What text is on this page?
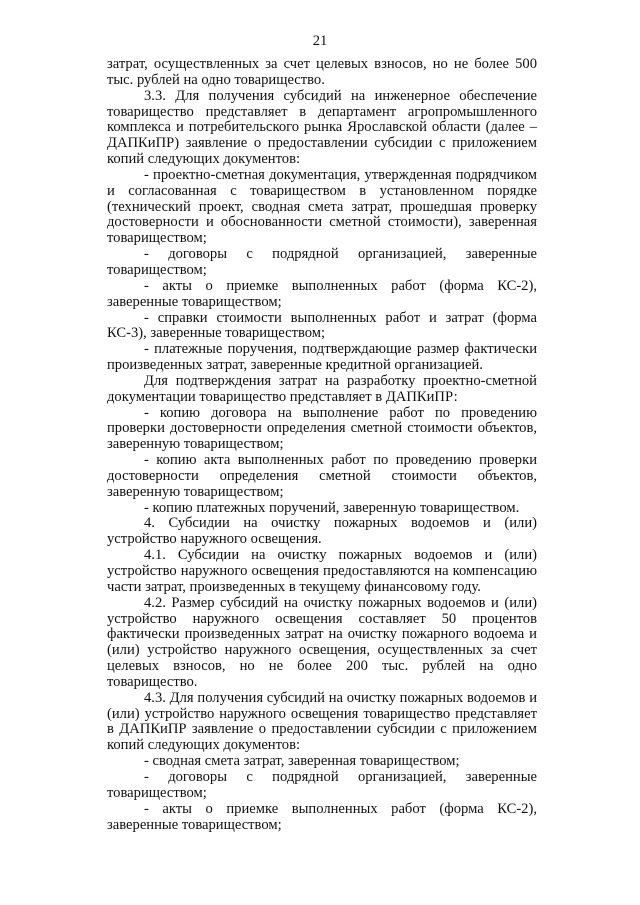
21

затрат, осуществленных за счет целевых взносов, но не более 500 тыс. рублей на одно товарищество.

3.3. Для получения субсидий на инженерное обеспечение товарищество представляет в департамент агропромышленного комплекса и потребительского рынка Ярославской области (далее – ДАПКиПР) заявление о предоставлении субсидии с приложением копий следующих документов:

- проектно-сметная документация, утвержденная подрядчиком и согласованная с товариществом в установленном порядке (технический проект, сводная смета затрат, прошедшая проверку достоверности и обоснованности сметной стоимости), заверенная товариществом;

- договоры с подрядной организацией, заверенные товариществом;

- акты о приемке выполненных работ (форма КС-2), заверенные товариществом;

- справки стоимости выполненных работ и затрат (форма КС-3), заверенные товариществом;

- платежные поручения, подтверждающие размер фактически произведенных затрат, заверенные кредитной организацией.

Для подтверждения затрат на разработку проектно-сметной документации товарищество представляет в ДАПКиПР:

- копию договора на выполнение работ по проведению проверки достоверности определения сметной стоимости объектов, заверенную товариществом;

- копию акта выполненных работ по проведению проверки достоверности определения сметной стоимости объектов, заверенную товариществом;

- копию платежных поручений, заверенную товариществом.

4. Субсидии на очистку пожарных водоемов и (или) устройство наружного освещения.

4.1. Субсидии на очистку пожарных водоемов и (или) устройство наружного освещения предоставляются на компенсацию части затрат, произведенных в текущему финансовому году.

4.2. Размер субсидий на очистку пожарных водоемов и (или) устройство наружного освещения составляет 50 процентов фактически произведенных затрат на очистку пожарного водоема и (или) устройство наружного освещения, осуществленных за счет целевых взносов, но не более 200 тыс. рублей на одно товарищество.

4.3. Для получения субсидий на очистку пожарных водоемов и (или) устройство наружного освещения товарищество представляет в ДАПКиПР заявление о предоставлении субсидии с приложением копий следующих документов:

- сводная смета затрат, заверенная товариществом;

- договоры с подрядной организацией, заверенные товариществом;

- акты о приемке выполненных работ (форма КС-2), заверенные товариществом;
